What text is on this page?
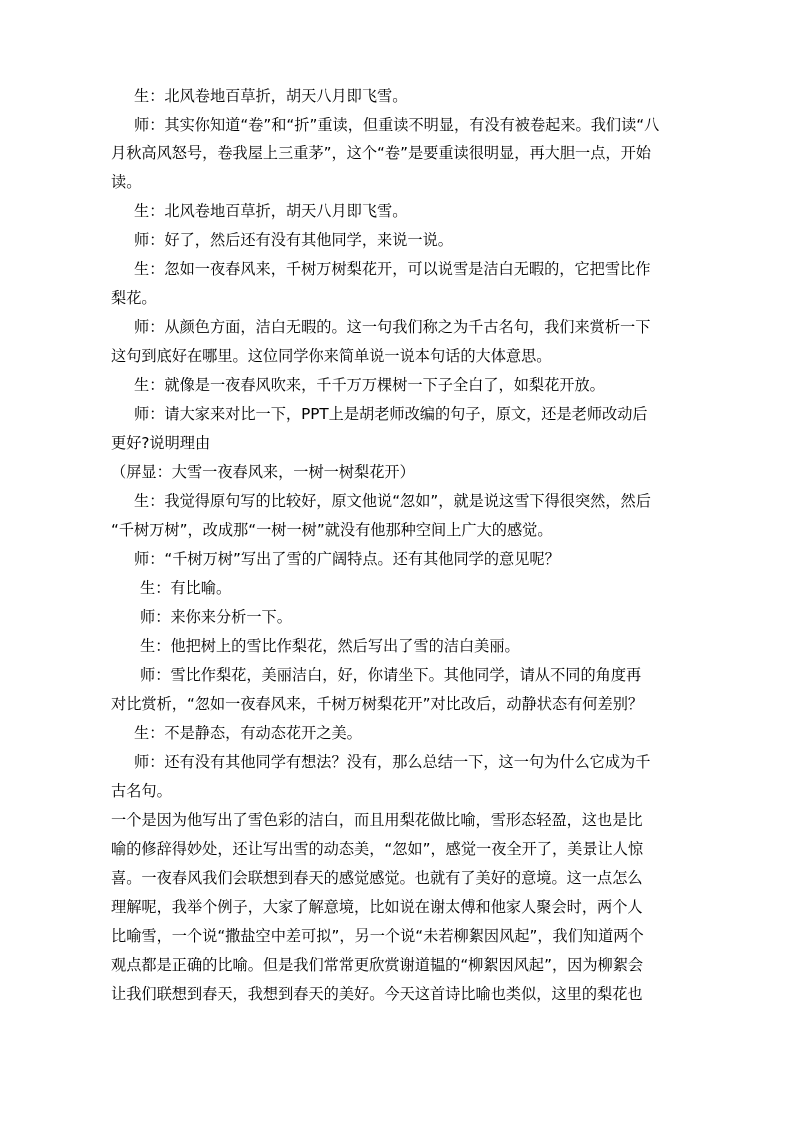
生：北风卷地百草折，胡天八月即飞雪。
师：其实你知道“卷”和“折”重读，但重读不明显，有没有被卷起来。我们读“八
月秋高风怒号，卷我屋上三重茅”，这个“卷”是要重读很明显，再大胆一点，开始
读。
生：北风卷地百草折，胡天八月即飞雪。
师：好了，然后还有没有其他同学，来说一说。
生：忽如一夜春风来，千树万树梨花开，可以说雪是洁白无暇的，它把雪比作
梨花。
师：从颜色方面，洁白无暇的。这一句我们称之为千古名句，我们来赏析一下
这句到底好在哪里。这位同学你来简单说一说本句话的大体意思。
生：就像是一夜春风吹来，千千万万棵树一下子全白了，如梨花开放。
师：请大家来对比一下，PPT上是胡老师改编的句子，原文，还是老师改动后
更好?说明理由
（屏显：大雪一夜春风来，一树一树梨花开）
生：我觉得原句写的比较好，原文他说“忽如”，就是说这雪下得很突然，然后
“千树万树”，改成那“一树一树”就没有他那种空间上广大的感觉。
师：“千树万树”写出了雪的广阔特点。还有其他同学的意见呢？
生：有比喻。
师：来你来分析一下。
生：他把树上的雪比作梨花，然后写出了雪的洁白美丽。
师：雪比作梨花，美丽洁白，好，你请坐下。其他同学，请从不同的角度再
对比赏析，“忽如一夜春风来，千树万树梨花开”对比改后，动静状态有何差别？
生：不是静态，有动态花开之美。
师：还有没有其他同学有想法？没有，那么总结一下，这一句为什么它成为千
古名句。
一个是因为他写出了雪色彩的洁白，而且用梨花做比喻，雪形态轻盈，这也是比
喻的修辞得妙处，还让写出雪的动态美，“忽如”，感觉一夜全开了，美景让人惊
喜。一夜春风我们会联想到春天的感觉感觉。也就有了美好的意境。这一点怎么
理解呢，我举个例子，大家了解意境，比如说在谢太傅和他家人聚会时，两个人
比喻雪，一个说“撒盐空中差可拟”，另一个说“未若柳絮因风起”，我们知道两个
观点都是正确的比喻。但是我们常常更欣赏谢道韫的“柳絮因风起”，因为柳絮会
让我们联想到春天，我想到春天的美好。今天这首诗比喻也类似，这里的梨花也
